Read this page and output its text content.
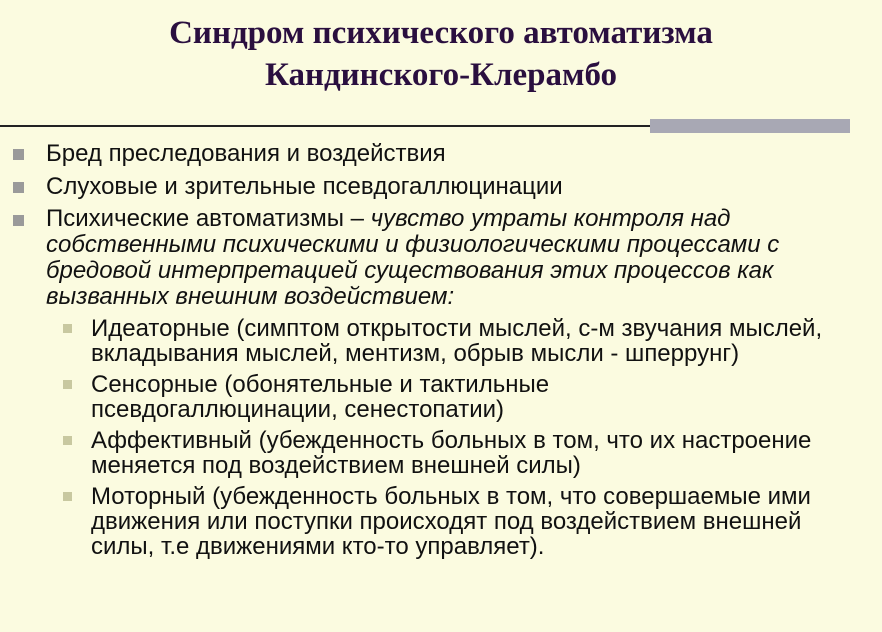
Синдром психического автоматизма
Кандинского-Клерамбо
Бред преследования и воздействия
Слуховые и зрительные псевдогаллюцинации
Психические автоматизмы – чувство утраты контроля над собственными психическими и физиологическими процессами с бредовой интерпретацией существования этих процессов как вызванных внешним воздействием:
Идеаторные (симптом открытости мыслей, с-м звучания мыслей, вкладывания мыслей, ментизм, обрыв мысли - шперрунг)
Сенсорные (обонятельные и тактильные псевдогаллюцинации, сенестопатии)
Аффективный (убежденность больных в том, что их настроение меняется под воздействием внешней силы)
Моторный (убежденность больных в том, что совершаемые ими движения или поступки происходят под воздействием внешней силы, т.е движениями кто-то управляет).
